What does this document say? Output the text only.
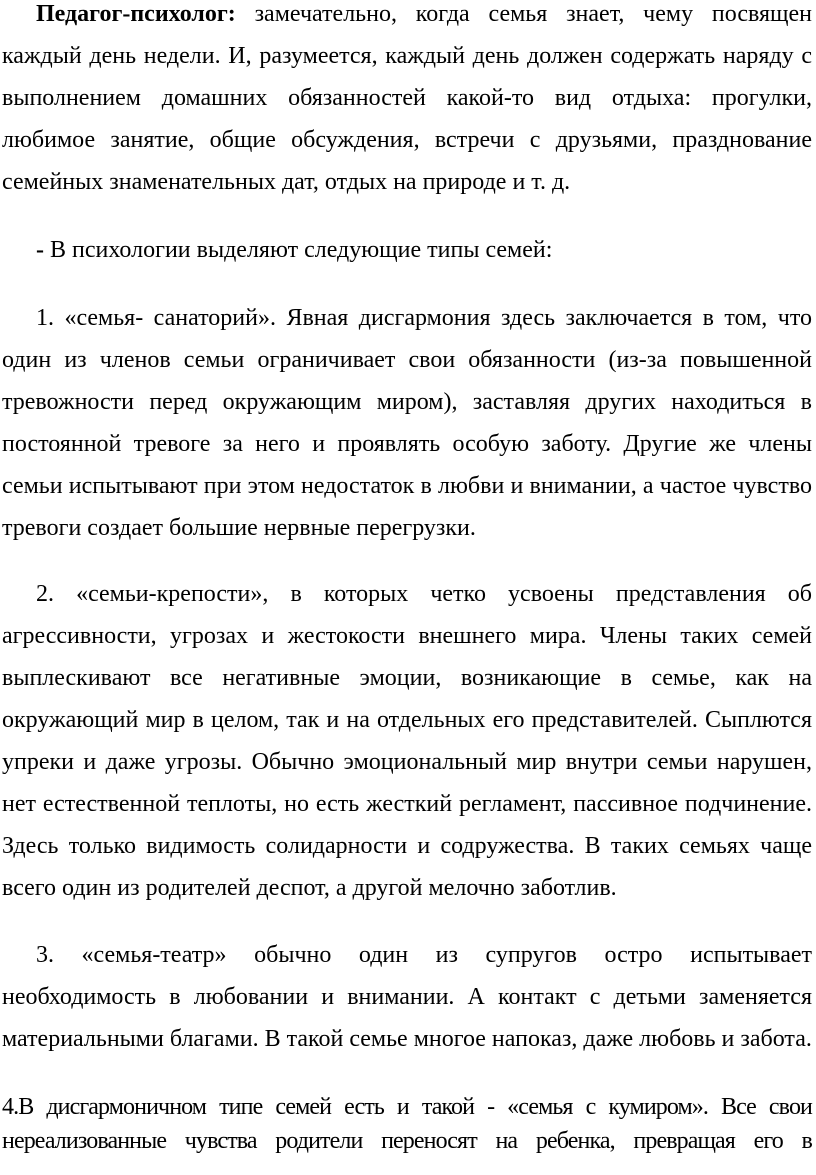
Педагог-психолог: замечательно, когда семья знает, чему посвящен
каждый день недели. И, разумеется, каждый день должен содержать наряду с
выполнением домашних обязанностей какой-то вид отдыха: прогулки,
любимое занятие, общие обсуждения, встречи с друзьями, празднование
семейных знаменательных дат, отдых на природе и т. д.
- В психологии выделяют следующие типы семей:
1. «семья- санаторий». Явная дисгармония здесь заключается в том, что
один из членов семьи ограничивает свои обязанности (из-за повышенной
тревожности перед окружающим миром), заставляя других находиться в
постоянной тревоге за него и проявлять особую заботу. Другие же члены
семьи испытывают при этом недостаток в любви и внимании, а частое чувство
тревоги создает большие нервные перегрузки.
2. «семьи-крепости», в которых четко усвоены представления об
агрессивности, угрозах и жестокости внешнего мира. Члены таких семей
выплескивают все негативные эмоции, возникающие в семье, как на
окружающий мир в целом, так и на отдельных его представителей. Сыплются
упреки и даже угрозы. Обычно эмоциональный мир внутри семьи нарушен,
нет естественной теплоты, но есть жесткий регламент, пассивное подчинение.
Здесь только видимость солидарности и содружества. В таких семьях чаще
всего один из родителей деспот, а другой мелочно заботлив.
3. «семья-театр» обычно один из супругов остро испытывает
необходимость в любовании и внимании. А контакт с детьми заменяется
материальными благами. В такой семье многое напоказ, даже любовь и забота.
4.В дисгармоничном типе семей есть и такой - «семья с кумиром». Все свои
нереализованные чувства родители переносят на ребенка, превращая его в
